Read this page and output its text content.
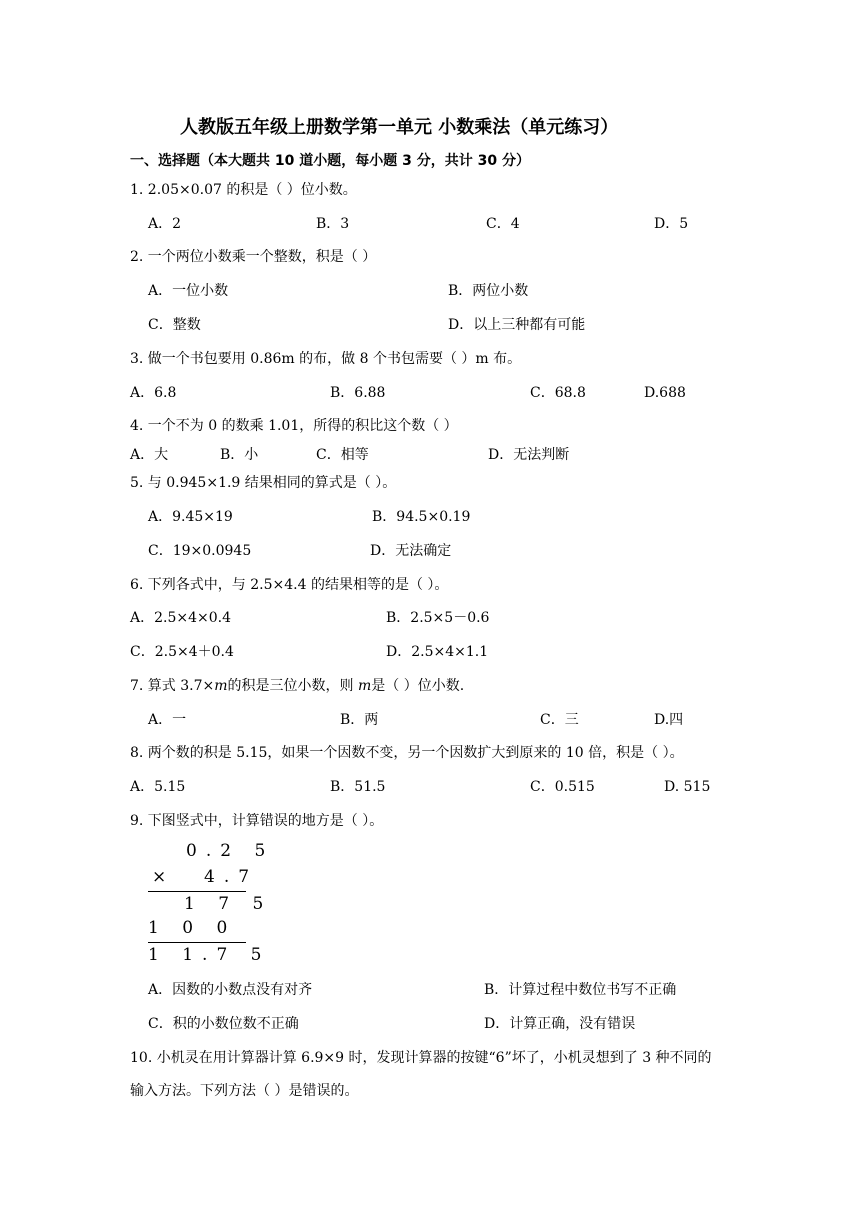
人教版五年级上册数学第一单元 小数乘法（单元练习）
一、选择题（本大题共 10 道小题，每小题 3 分，共计 30 分）
1. 2.05×0.07 的积是（ ）位小数。
A．2	B．3	C．4	D．5
2. 一个两位小数乘一个整数，积是（ ）
A．一位小数	B．两位小数
C．整数	D．以上三种都有可能
3. 做一个书包要用 0.86m 的布，做 8 个书包需要（ ）m 布。
A．6.8	B．6.88	C．68.8	D.688
4. 一个不为 0 的数乘 1.01，所得的积比这个数（ ）
A．大	B．小	C．相等	D．无法判断
5. 与 0.945×1.9 结果相同的算式是（ ）。
A．9.45×19	B．94.5×0.19
C．19×0.0945	D．无法确定
6. 下列各式中，与 2.5×4.4 的结果相等的是（ ）。
A．2.5×4×0.4	B．2.5×5－0.6
C．2.5×4＋0.4	D．2.5×4×1.1
7. 算式 3.7×m的积是三位小数，则 m是（ ）位小数.
A．一	B．两	C．三	D.四
8. 两个数的积是 5.15，如果一个因数不变，另一个因数扩大到原来的 10 倍，积是（ ）。
A．5.15	B．51.5	C．0.515	D. 515
9. 下图竖式中，计算错误的地方是（ ）。
0.2 5
× 4.7
1 7 5
1 0 0
1 1.7 5
A．因数的小数点没有对齐	B．计算过程中数位书写不正确
C．积的小数位数不正确	D．计算正确，没有错误
10. 小机灵在用计算器计算 6.9×9 时，发现计算器的按键“6”坏了，小机灵想到了 3 种不同的
输入方法。下列方法（ ）是错误的。
